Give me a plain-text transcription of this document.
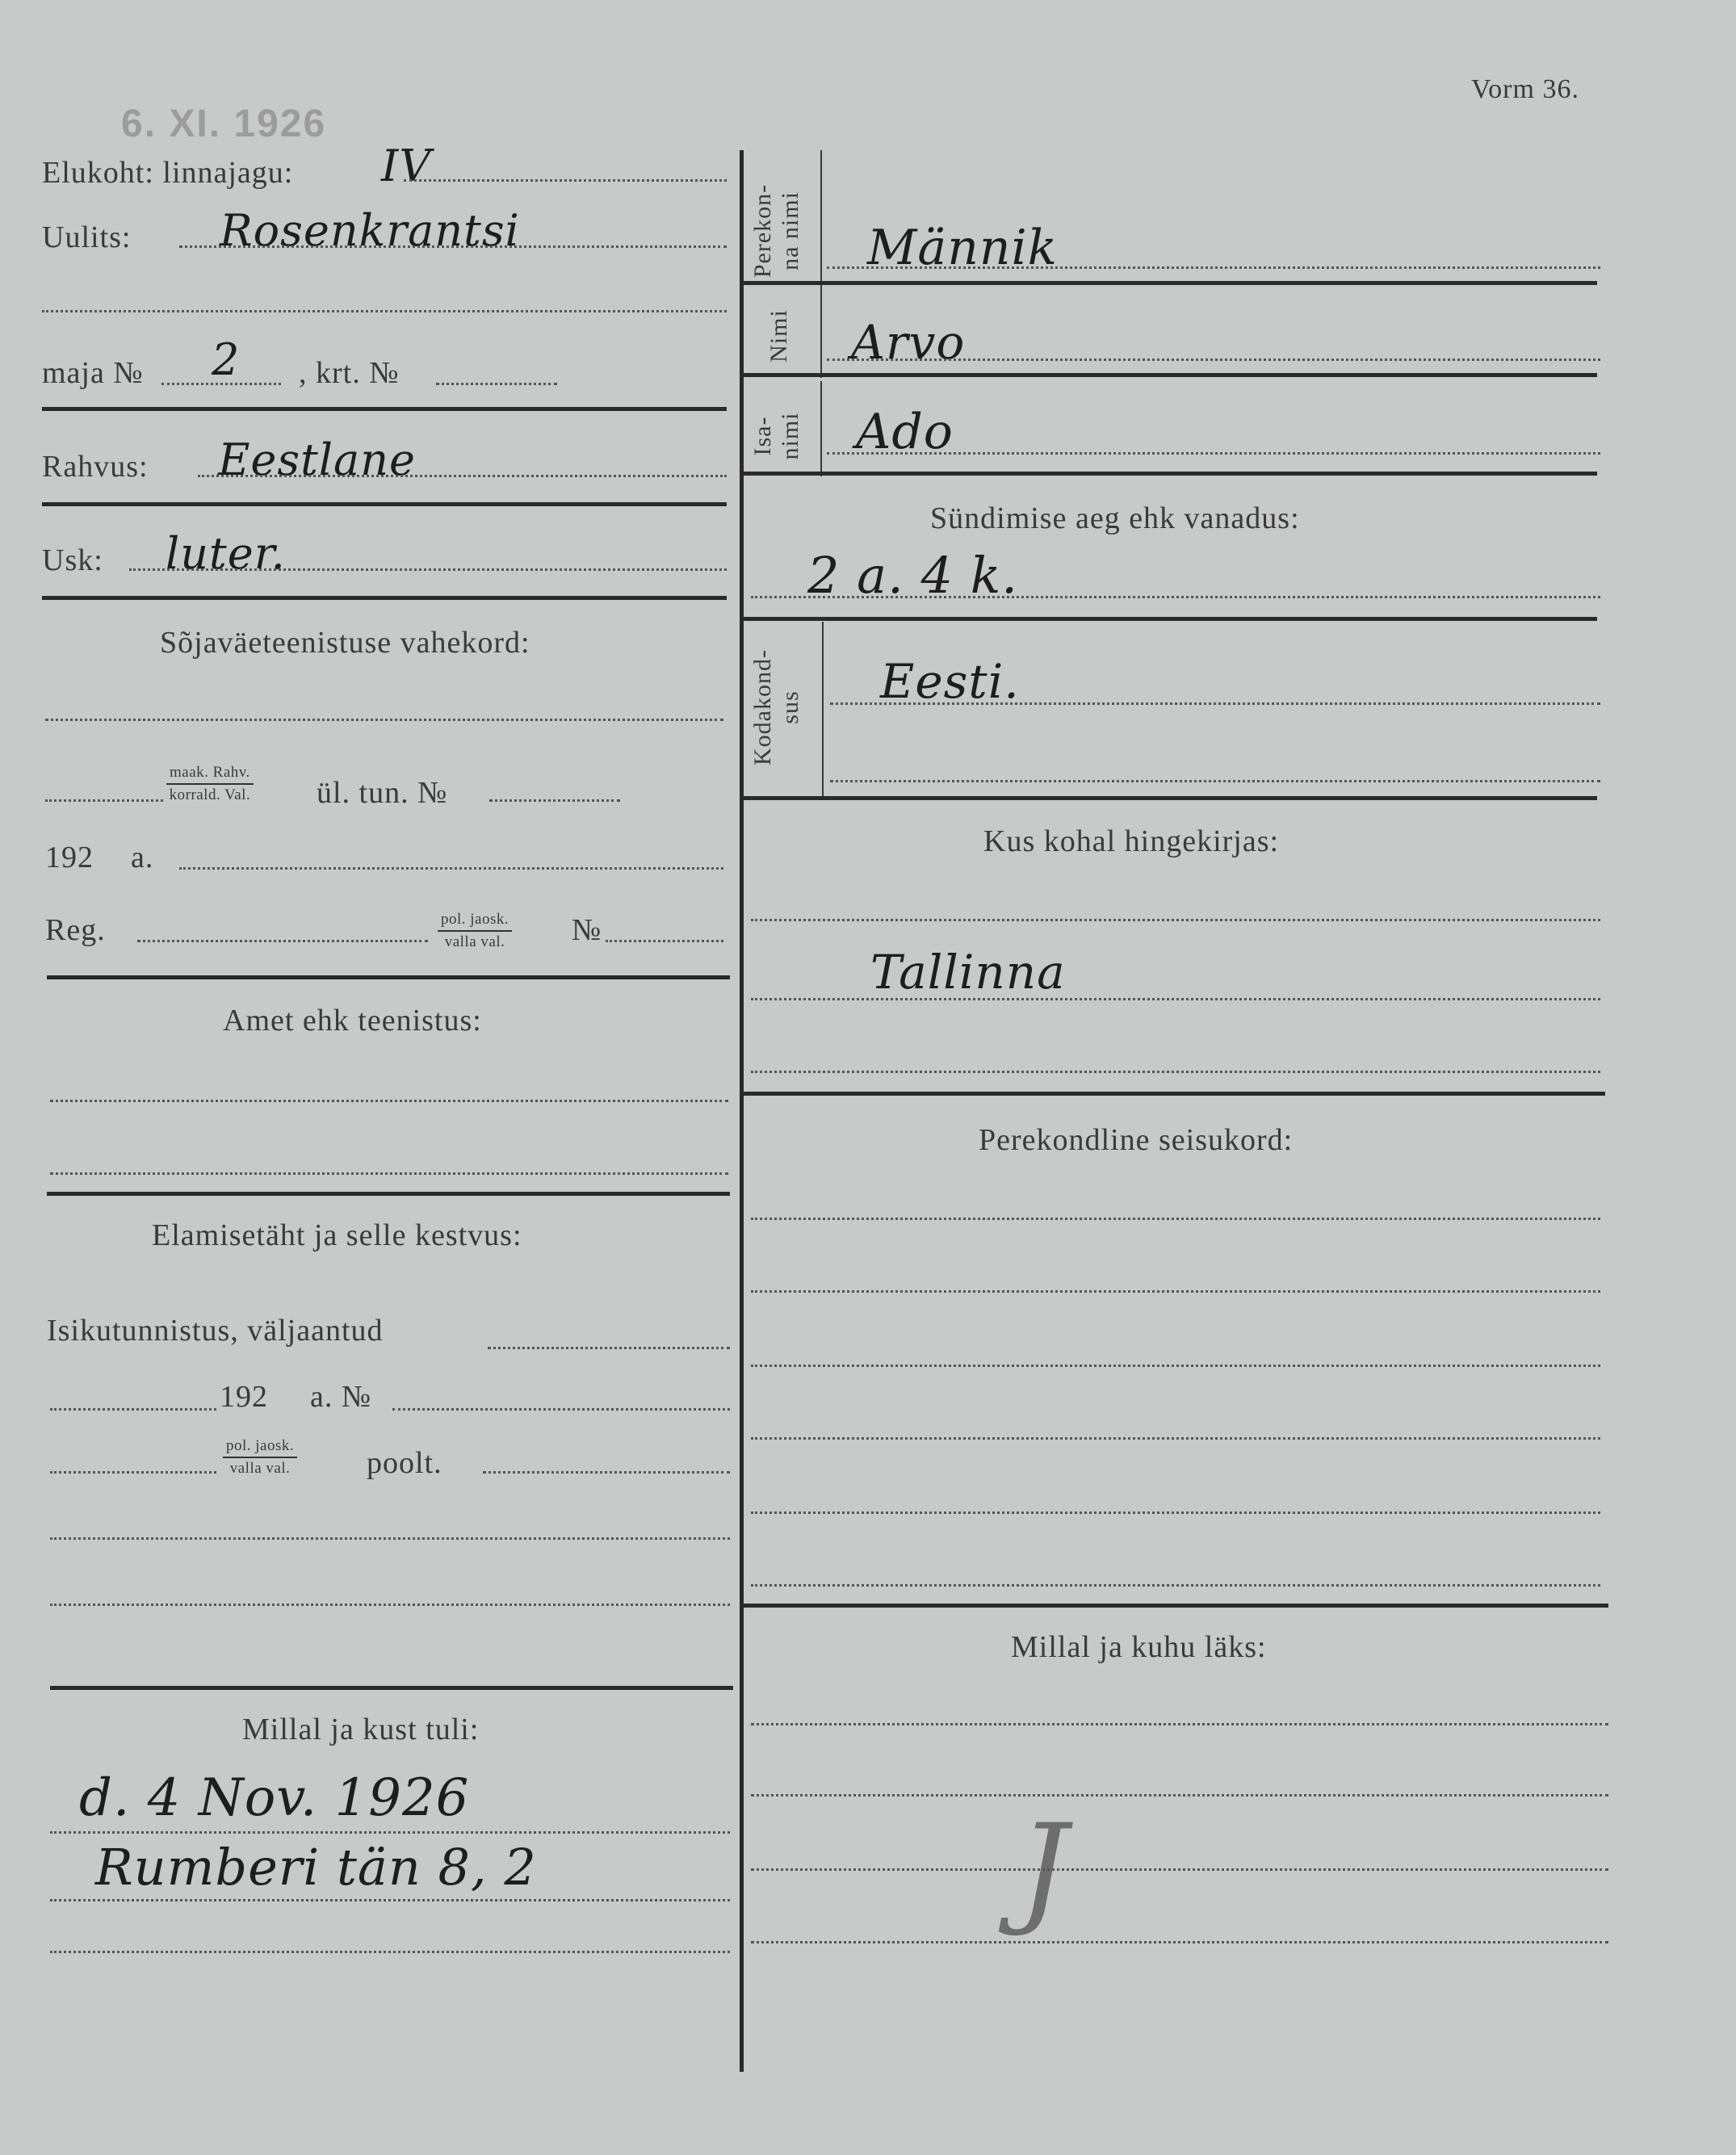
Vorm 36.
6. XI. 1926
Elukoht: linnajagu: IV
Uulits: Rosenkrantsi
maja № 2 , krt. №
Rahvus: Eestlane
Usk: luter.
Sõjaväeteenistuse vahekord:
maak. Rahv.
korrald. Val. ül. tun. №
192 a.
Reg.	pol. jaosk.
valla val. №
Amet ehk teenistus:
Elamisetäht ja selle kestvus:
Isikutunnistus, väljaantud
192 a. №
pol. jaosk.
valla val. poolt.
Millal ja kust tuli:
d. 4 Nov. 1926
Rumberi tän 8, 2
Perekon-
na nimi
Männik
Nimi Arvo
Isa-
nimi Ado
Sündimise aeg ehk vanadus:
2 a. 4 k.
Kodakond-
sus Eesti.
Kus kohal hingekirjas:
Tallinna
Perekondline seisukord:
Millal ja kuhu läks:
J
